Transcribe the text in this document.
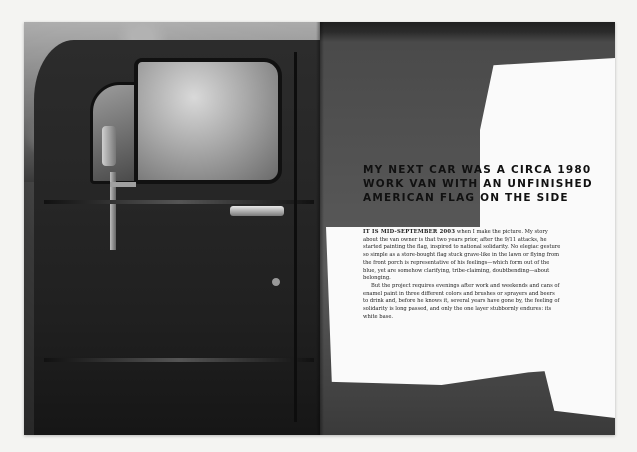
MY NEXT CAR WAS A CIRCA 1980 WORK VAN WITH AN UNFINISHED AMERICAN FLAG ON THE SIDE

IT IS MID-SEPTEMBER 2003 when I make the picture. My story about the van owner is that two years prior, after the 9/11 attacks, he started painting the flag, inspired to national solidarity. No elegiac gesture so simple as a store-bought flag stuck grave-like in the lawn or flying from the front porch is representative of his feelings—which form out of the blue, yet are somehow clarifying, tribe-claiming, doubtbending—about belonging.

But the project requires evenings after work and weekends and cans of enamel paint in three different colors and brushes or sprayers and beers to drink and, before he knows it, several years have gone by, the feeling of solidarity is long passed, and only the one layer stubbornly endures: its white base.
